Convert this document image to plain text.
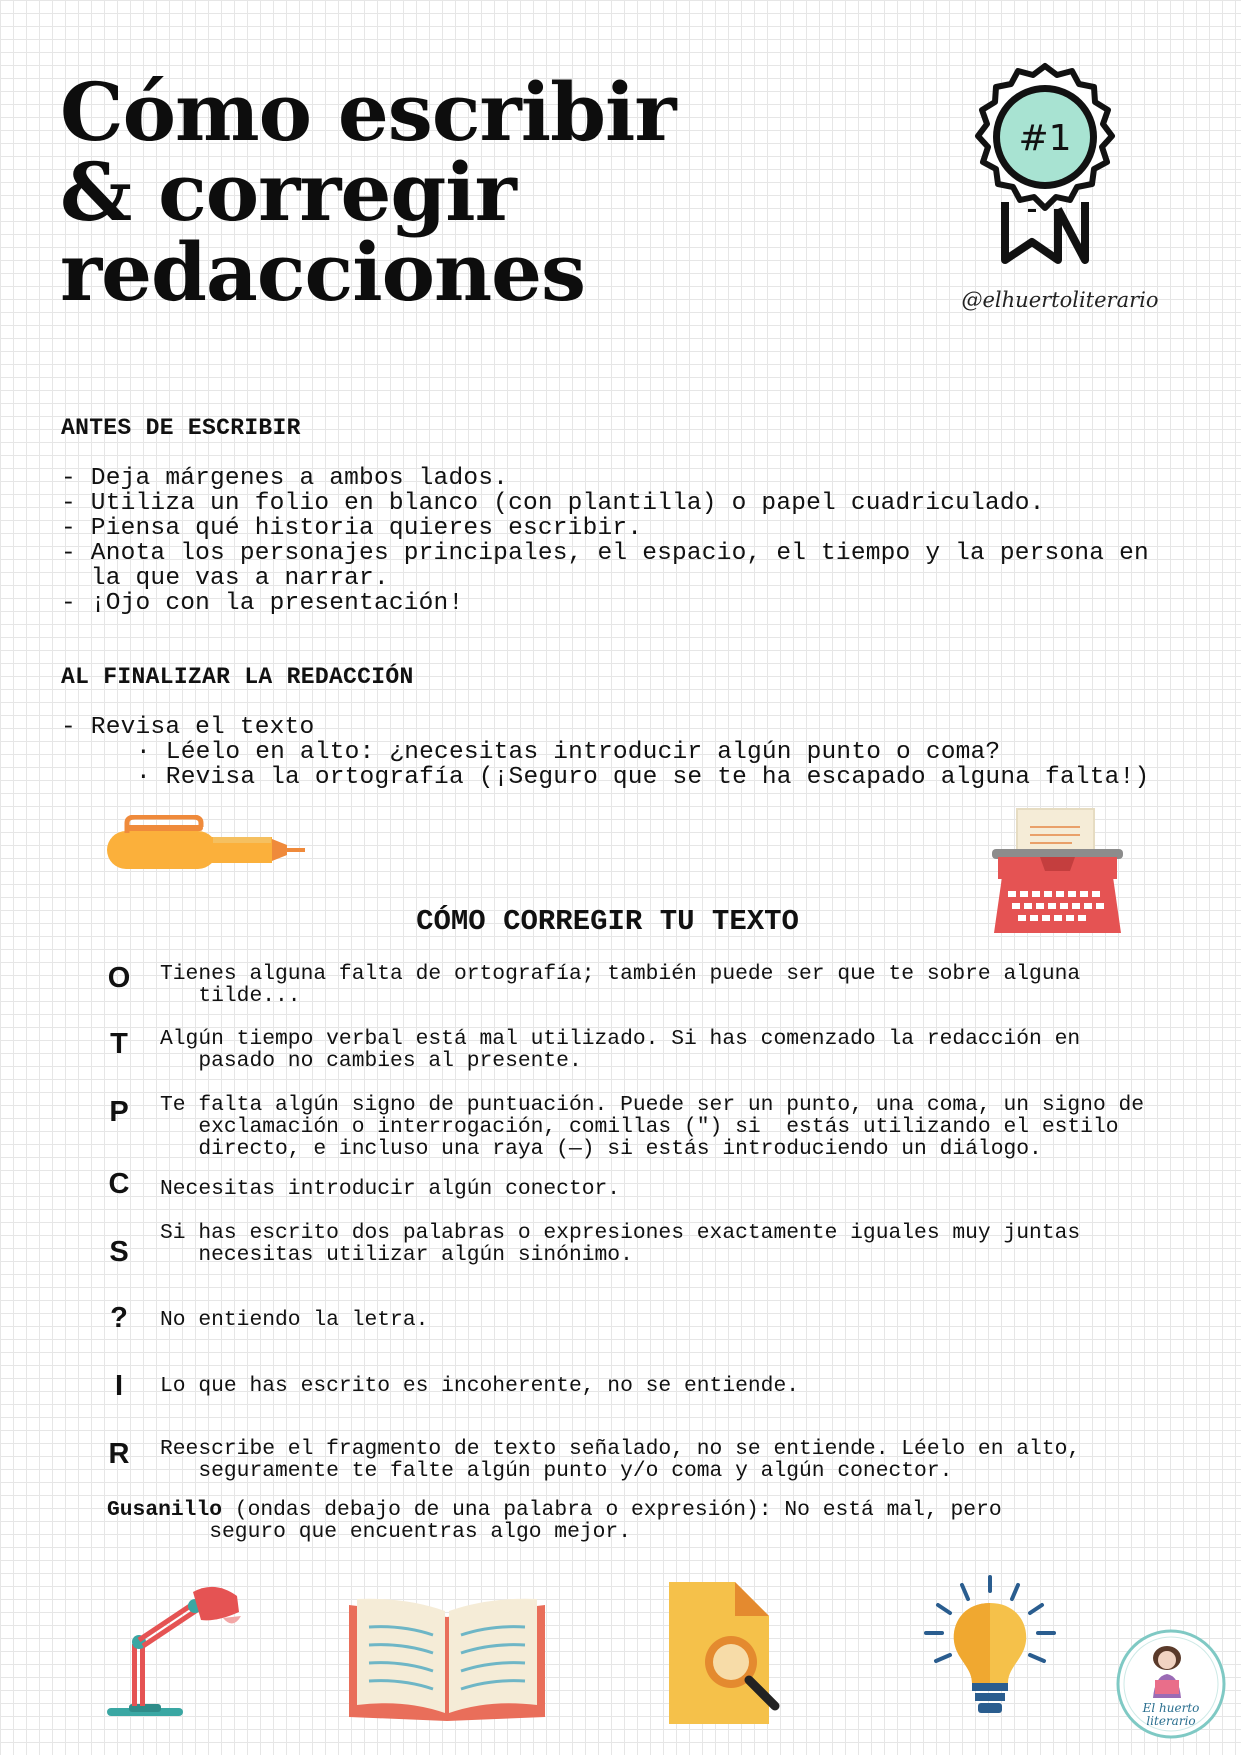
Cómo escribir
& corregir
redacciones
#1
@elhuertoliterario
ANTES DE ESCRIBIR
- Deja márgenes a ambos lados.
- Utiliza un folio en blanco (con plantilla) o papel cuadriculado.
- Piensa qué historia quieres escribir.
- Anota los personajes principales, el espacio, el tiempo y la persona en
la que vas a narrar.
- ¡Ojo con la presentación!
AL FINALIZAR LA REDACCIÓN
- Revisa el texto
· Léelo en alto: ¿necesitas introducir algún punto o coma?
· Revisa la ortografía (¡Seguro que se te ha escapado alguna falta!)
CÓMO CORREGIR TU TEXTO
O Tienes alguna falta de ortografía; también puede ser que te sobre alguna
tilde...
T Algún tiempo verbal está mal utilizado. Si has comenzado la redacción en
pasado no cambies al presente.
P Te falta algún signo de puntuación. Puede ser un punto, una coma, un signo de
exclamación o interrogación, comillas (") si  estás utilizando el estilo
directo, e incluso una raya (—) si estás introduciendo un diálogo.
C Necesitas introducir algún conector.
S
Si has escrito dos palabras o expresiones exactamente iguales muy juntas
necesitas utilizar algún sinónimo.
? No entiendo la letra.
I	Lo que has escrito es incoherente, no se entiende.
R Reescribe el fragmento de texto señalado, no se entiende. Léelo en alto,
seguramente te falte algún punto y/o coma y algún conector.
Gusanillo (ondas debajo de una palabra o expresión): No está mal, pero
seguro que encuentras algo mejor.
El huerto
literario
